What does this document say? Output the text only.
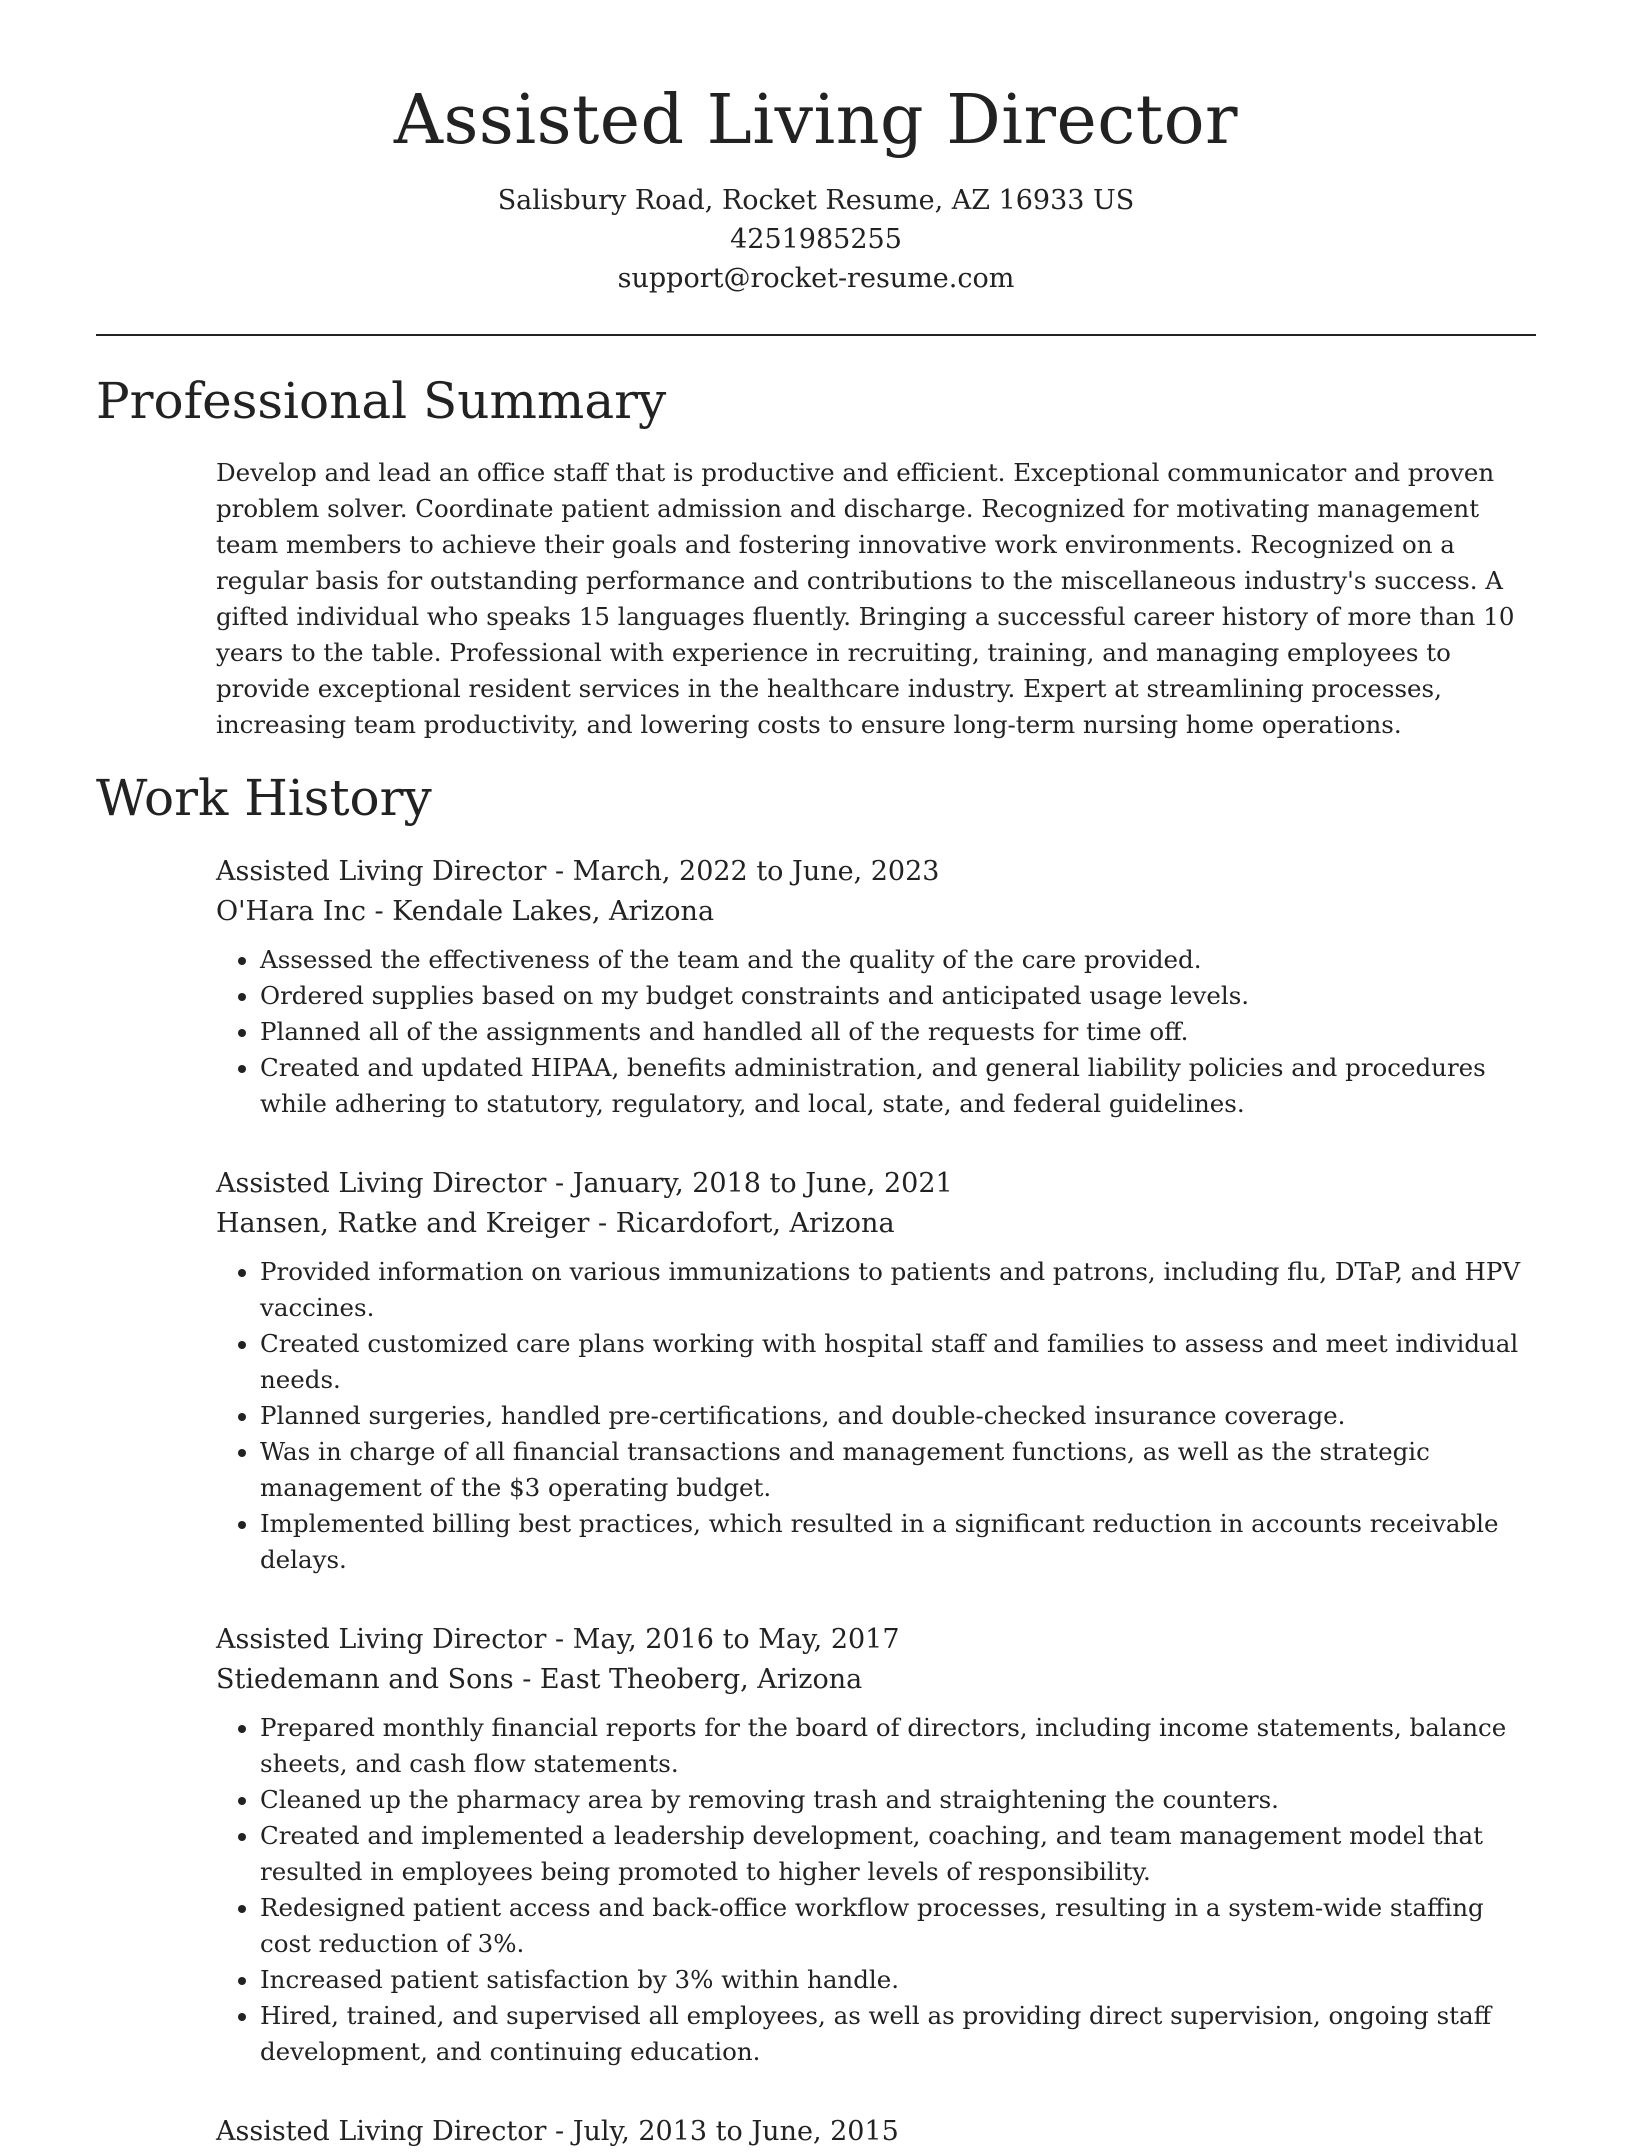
Assisted Living Director

Salisbury Road, Rocket Resume, AZ 16933 US

4251985255

support@rocket-resume.com

Professional Summary

Develop and lead an office staff that is productive and efficient. Exceptional communicator and proven problem solver. Coordinate patient admission and discharge. Recognized for motivating management team members to achieve their goals and fostering innovative work environments. Recognized on a regular basis for outstanding performance and contributions to the miscellaneous industry's success. A gifted individual who speaks 15 languages fluently. Bringing a successful career history of more than 10 years to the table. Professional with experience in recruiting, training, and managing employees to provide exceptional resident services in the healthcare industry. Expert at streamlining processes, increasing team productivity, and lowering costs to ensure long-term nursing home operations.

Work History

Assisted Living Director - March, 2022 to June, 2023

O'Hara Inc - Kendale Lakes, Arizona

• Assessed the effectiveness of the team and the quality of the care provided.
• Ordered supplies based on my budget constraints and anticipated usage levels.
• Planned all of the assignments and handled all of the requests for time off.
• Created and updated HIPAA, benefits administration, and general liability policies and procedures while adhering to statutory, regulatory, and local, state, and federal guidelines.

Assisted Living Director - January, 2018 to June, 2021

Hansen, Ratke and Kreiger - Ricardofort, Arizona

• Provided information on various immunizations to patients and patrons, including flu, DTaP, and HPV vaccines.
• Created customized care plans working with hospital staff and families to assess and meet individual needs.
• Planned surgeries, handled pre-certifications, and double-checked insurance coverage.
• Was in charge of all financial transactions and management functions, as well as the strategic management of the $3 operating budget.
• Implemented billing best practices, which resulted in a significant reduction in accounts receivable delays.

Assisted Living Director - May, 2016 to May, 2017

Stiedemann and Sons - East Theoberg, Arizona

• Prepared monthly financial reports for the board of directors, including income statements, balance sheets, and cash flow statements.
• Cleaned up the pharmacy area by removing trash and straightening the counters.
• Created and implemented a leadership development, coaching, and team management model that resulted in employees being promoted to higher levels of responsibility.
• Redesigned patient access and back-office workflow processes, resulting in a system-wide staffing cost reduction of 3%.
• Increased patient satisfaction by 3% within handle.
• Hired, trained, and supervised all employees, as well as providing direct supervision, ongoing staff development, and continuing education.

Assisted Living Director - July, 2013 to June, 2015
